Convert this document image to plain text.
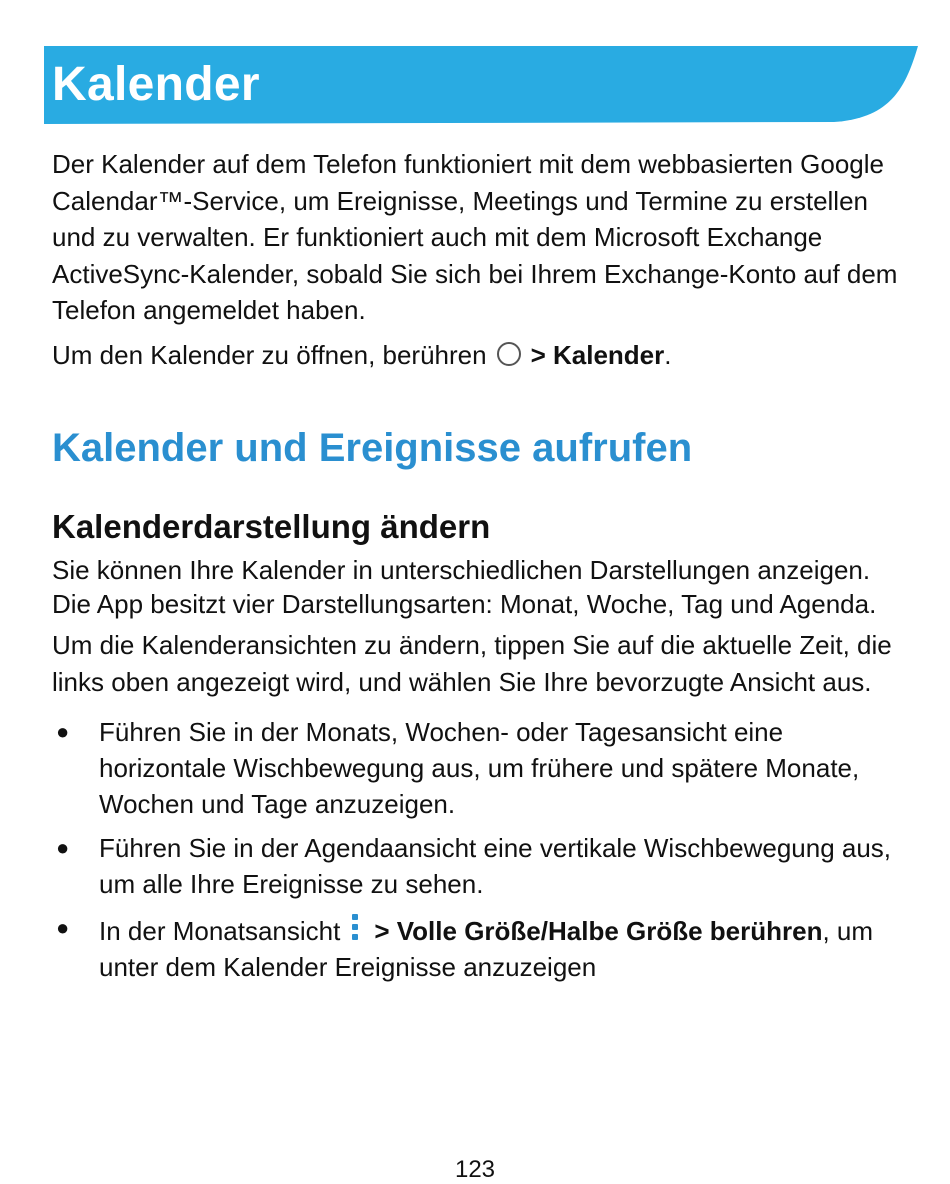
Kalender

Der Kalender auf dem Telefon funktioniert mit dem webbasierten Google Calendar™-Service, um Ereignisse, Meetings und Termine zu erstellen und zu verwalten. Er funktioniert auch mit dem Microsoft Exchange ActiveSync-Kalender, sobald Sie sich bei Ihrem Exchange-Konto auf dem Telefon angemeldet haben.

Um den Kalender zu öffnen, berühren > Kalender.

Kalender und Ereignisse aufrufen
Kalenderdarstellung ändern

Sie können Ihre Kalender in unterschiedlichen Darstellungen anzeigen. Die App besitzt vier Darstellungsarten: Monat, Woche, Tag und Agenda.

Um die Kalenderansichten zu ändern, tippen Sie auf die aktuelle Zeit, die links oben angezeigt wird, und wählen Sie Ihre bevorzugte Ansicht aus.

● Führen Sie in der Monats, Wochen- oder Tagesansicht eine horizontale Wischbewegung aus, um frühere und spätere Monate, Wochen und Tage anzuzeigen.
● Führen Sie in der Agendaansicht eine vertikale Wischbewegung aus, um alle Ihre Ereignisse zu sehen.
● In der Monatsansicht > Volle Größe/Halbe Größe berühren, um unter dem Kalender Ereignisse anzuzeigen
123
